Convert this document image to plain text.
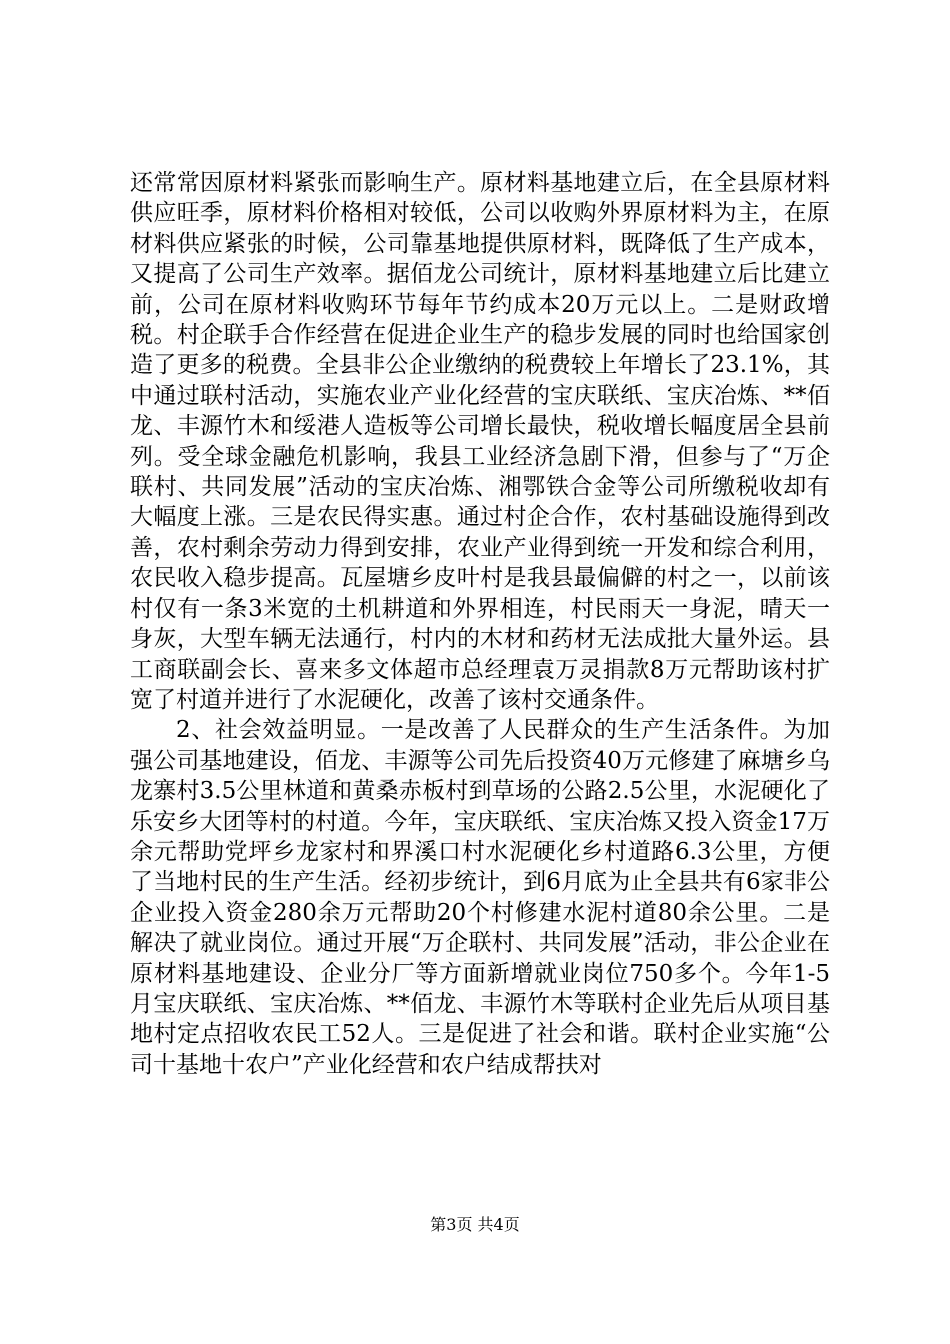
还常常因原材料紧张而影响生产。原材料基地建立后，在全县原材料供应旺季，原材料价格相对较低，公司以收购外界原材料为主，在原材料供应紧张的时候，公司靠基地提供原材料，既降低了生产成本，又提高了公司生产效率。据佰龙公司统计，原材料基地建立后比建立前，公司在原材料收购环节每年节约成本20万元以上。二是财政增税。村企联手合作经营在促进企业生产的稳步发展的同时也给国家创造了更多的税费。全县非公企业缴纳的税费较上年增长了23.1%，其中通过联村活动，实施农业产业化经营的宝庆联纸、宝庆冶炼、**佰龙、丰源竹木和绥港人造板等公司增长最快，税收增长幅度居全县前列。受全球金融危机影响，我县工业经济急剧下滑，但参与了“万企联村、共同发展”活动的宝庆冶炼、湘鄂铁合金等公司所缴税收却有大幅度上涨。三是农民得实惠。通过村企合作，农村基础设施得到改善，农村剩余劳动力得到安排，农业产业得到统一开发和综合利用，农民收入稳步提高。瓦屋塘乡皮叶村是我县最偏僻的村之一，以前该村仅有一条3米宽的土机耕道和外界相连，村民雨天一身泥，晴天一身灰，大型车辆无法通行，村内的木材和药材无法成批大量外运。县工商联副会长、喜来多文体超市总经理袁万灵捐款8万元帮助该村扩宽了村道并进行了水泥硬化，改善了该村交通条件。

2、社会效益明显。一是改善了人民群众的生产生活条件。为加强公司基地建设，佰龙、丰源等公司先后投资40万元修建了麻塘乡乌龙寨村3.5公里林道和黄桑赤板村到草场的公路2.5公里，水泥硬化了乐安乡大团等村的村道。今年，宝庆联纸、宝庆冶炼又投入资金17万余元帮助党坪乡龙家村和界溪口村水泥硬化乡村道路6.3公里，方便了当地村民的生产生活。经初步统计，到6月底为止全县共有6家非公企业投入资金280余万元帮助20个村修建水泥村道80余公里。二是解决了就业岗位。通过开展“万企联村、共同发展”活动，非公企业在原材料基地建设、企业分厂等方面新增就业岗位750多个。今年1-5月宝庆联纸、宝庆冶炼、**佰龙、丰源竹木等联村企业先后从项目基地村定点招收农民工52人。三是促进了社会和谐。联村企业实施“公司十基地十农户”产业化经营和农户结成帮扶对

第3页 共4页
